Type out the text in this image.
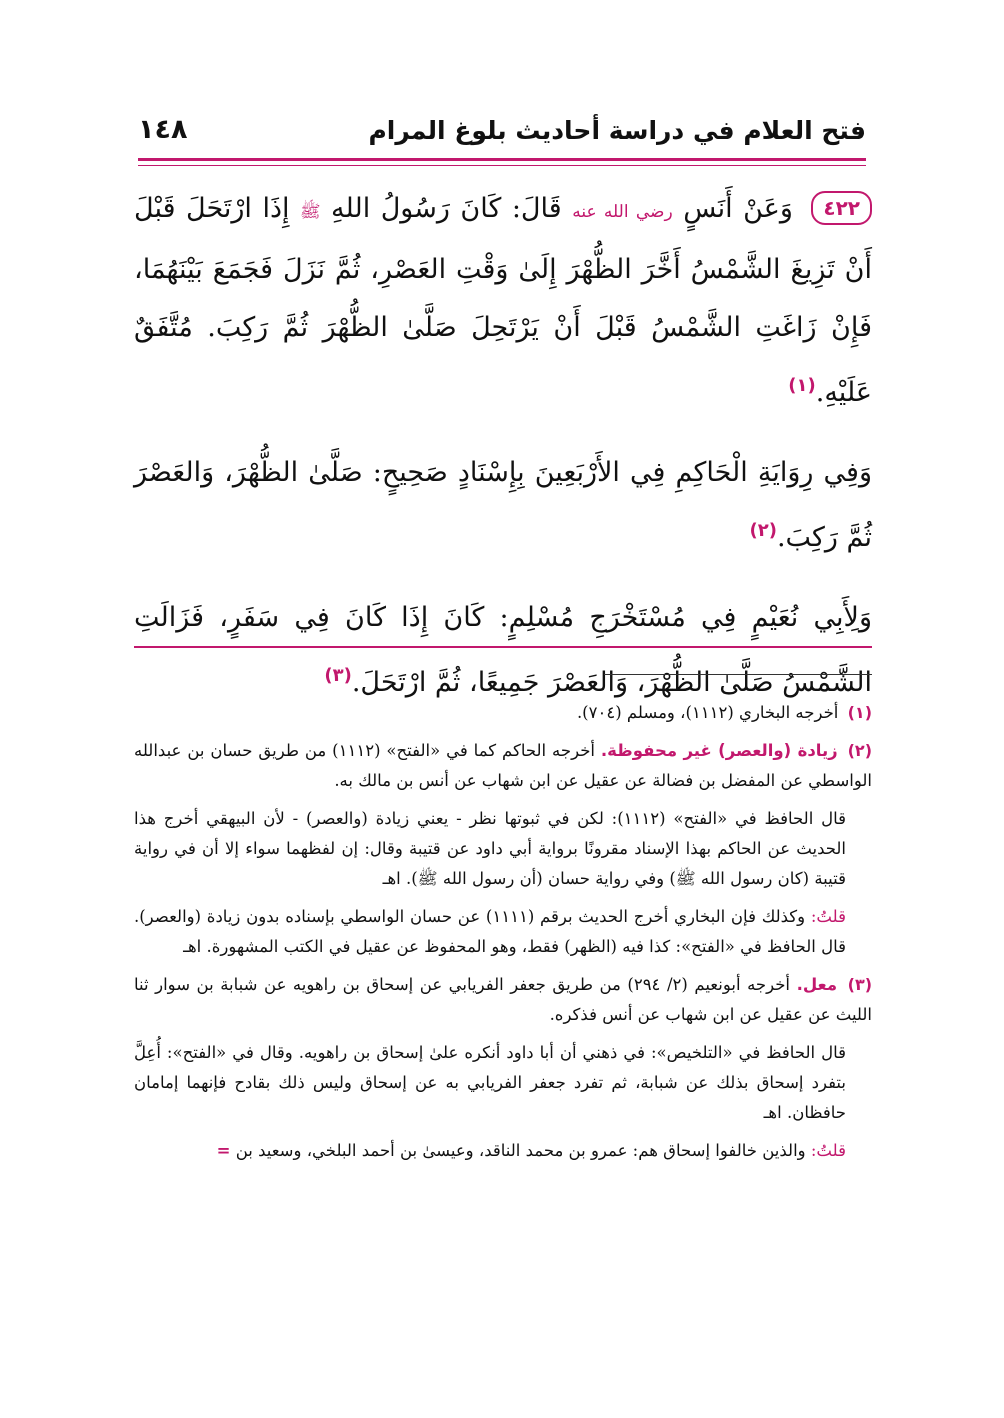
فتح العلام في دراسة أحاديث بلوغ المرام
١٤٨

٤٢٢ وَعَنْ أَنَسٍ رضي الله عنه قَالَ: كَانَ رَسُولُ اللهِ ﷺ إِذَا ارْتَحَلَ قَبْلَ أَنْ تَزِيغَ الشَّمْسُ أَخَّرَ الظُّهْرَ إِلَىٰ وَقْتِ العَصْرِ، ثُمَّ نَزَلَ فَجَمَعَ بَيْنَهُمَا، فَإِنْ زَاغَتِ الشَّمْسُ قَبْلَ أَنْ يَرْتَحِلَ صَلَّىٰ الظُّهْرَ ثُمَّ رَكِبَ. مُتَّفَقٌ عَلَيْهِ.$^{(١)}$

وَفِي رِوَايَةِ الْحَاكِمِ فِي الأَرْبَعِينَ بِإِسْنَادٍ صَحِيحٍ: صَلَّىٰ الظُّهْرَ، وَالعَصْرَ ثُمَّ رَكِبَ.$^{(٢)}$

وَلِأَبِي نُعَيْمٍ فِي مُسْتَخْرَجِ مُسْلِمٍ: كَانَ إِذَا كَانَ فِي سَفَرٍ، فَزَالَتِ الشَّمْسُ صَلَّىٰ الظُّهْرَ، وَالعَصْرَ جَمِيعًا، ثُمَّ ارْتَحَلَ.$^{(٣)}$

(١) أخرجه البخاري (١١١٢)، ومسلم (٧٠٤).

(٢) زيادة (والعصر) غير محفوظة. أخرجه الحاكم كما في «الفتح» (١١١٢) من طريق حسان بن عبدالله الواسطي عن المفضل بن فضالة عن عقيل عن ابن شهاب عن أنس بن مالك به.

قال الحافظ في «الفتح» (١١١٢): لكن في ثبوتها نظر - يعني زيادة (والعصر) - لأن البيهقي أخرج هذا الحديث عن الحاكم بهذا الإسناد مقرونًا برواية أبي داود عن قتيبة وقال: إن لفظهما سواء إلا أن في رواية قتيبة (كان رسول الله ﷺ) وفي رواية حسان (أن رسول الله ﷺ). اهـ

قلتُ: وكذلك فإن البخاري أخرج الحديث برقم (١١١١) عن حسان الواسطي بإسناده بدون زيادة (والعصر). قال الحافظ في «الفتح»: كذا فيه (الظهر) فقط، وهو المحفوظ عن عقيل في الكتب المشهورة. اهـ

(٣) معل. أخرجه أبونعيم (٢/ ٢٩٤) من طريق جعفر الفريابي عن إسحاق بن راهويه عن شبابة بن سوار ثنا الليث عن عقيل عن ابن شهاب عن أنس فذكره.

قال الحافظ في «التلخيص»: في ذهني أن أبا داود أنكره علىٰ إسحاق بن راهويه. وقال في «الفتح»: أُعِلَّ بتفرد إسحاق بذلك عن شبابة، ثم تفرد جعفر الفريابي به عن إسحاق وليس ذلك بقادح فإنهما إمامان حافظان. اهـ

قلتُ: والذين خالفوا إسحاق هم: عمرو بن محمد الناقد، وعيسىٰ بن أحمد البلخي، وسعيد بن =
